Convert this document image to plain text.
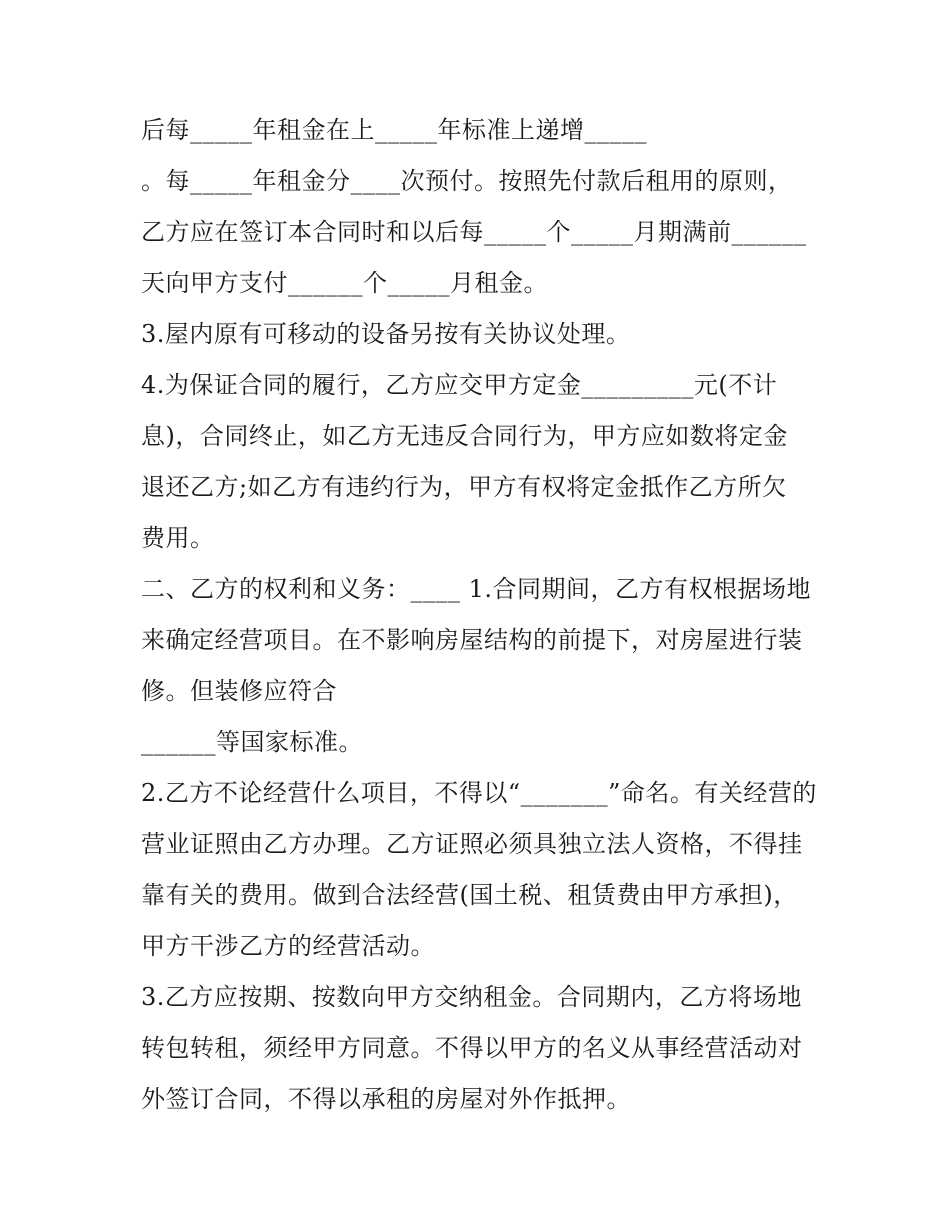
后每_____年租金在上_____年标准上递增_____
。每_____年租金分____次预付。按照先付款后租用的原则，
乙方应在签订本合同时和以后每_____个_____月期满前______
天向甲方支付______个_____月租金。
3.屋内原有可移动的设备另按有关协议处理。
4.为保证合同的履行，乙方应交甲方定金_________元(不计
息)，合同终止，如乙方无违反合同行为，甲方应如数将定金
退还乙方;如乙方有违约行为，甲方有权将定金抵作乙方所欠
费用。
二、乙方的权利和义务：____ 1.合同期间，乙方有权根据场地
来确定经营项目。在不影响房屋结构的前提下，对房屋进行装
修。但装修应符合
______等国家标准。
2.乙方不论经营什么项目，不得以“_______”命名。有关经营的
营业证照由乙方办理。乙方证照必须具独立法人资格，不得挂
靠有关的费用。做到合法经营(国土税、租赁费由甲方承担)，
甲方干涉乙方的经营活动。
3.乙方应按期、按数向甲方交纳租金。合同期内，乙方将场地
转包转租，须经甲方同意。不得以甲方的名义从事经营活动对
外签订合同，不得以承租的房屋对外作抵押。
